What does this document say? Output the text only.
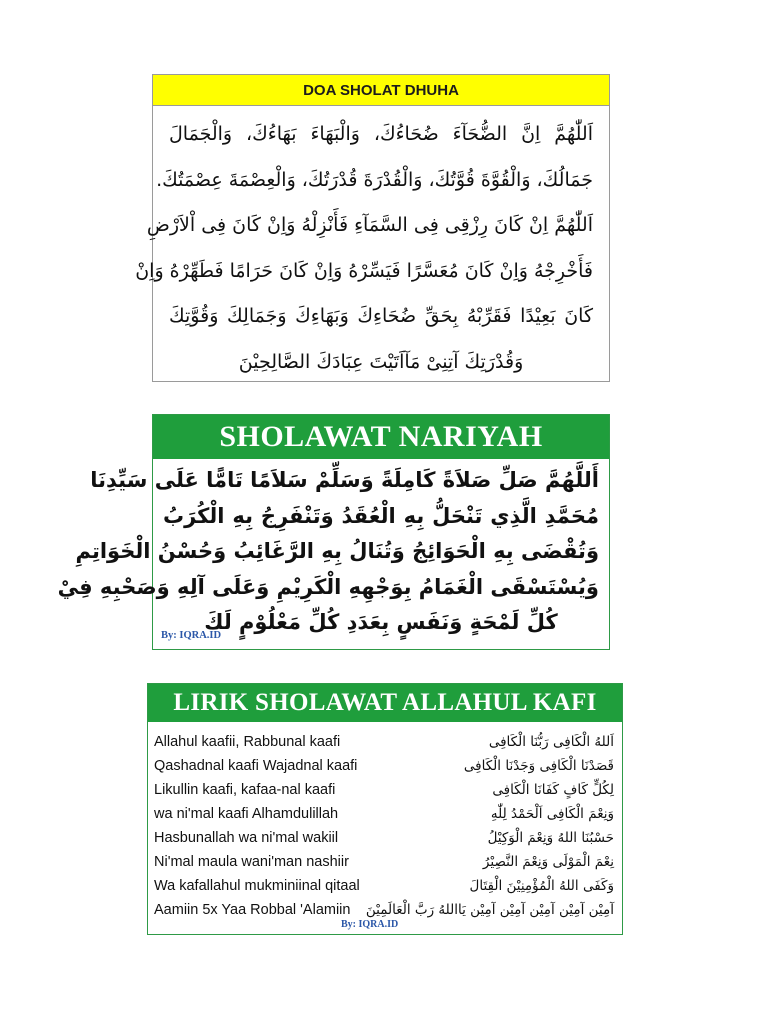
DOA SHOLAT DHUHA
اَللّٰهُمَّ اِنَّ الضُّحَآءَ ضُحَاءُكَ، وَالْبَهَاءَ بَهَاءُكَ، وَالْجَمَالَ
جَمَالُكَ، وَالْقُوَّةَ قُوَّتُكَ، وَالْقُدْرَةَ قُدْرَتُكَ، وَالْعِصْمَةَ عِصْمَتُكَ.
اَللّٰهُمَّ اِنْ كَانَ رِزْقِى فِى السَّمَآءِ فَأَنْزِلْهُ وَاِنْ كَانَ فِى اْلاَرْضِ
فَأَخْرِجْهُ وَاِنْ كَانَ مُعَسَّرًا فَيَسِّرْهُ وَاِنْ كَانَ حَرَامًا فَطَهِّرْهُ وَاِنْ
كَانَ بَعِيْدًا فَقَرِّبْهُ بِحَقِّ ضُحَاءِكَ وَبَهَاءِكَ وَجَمَالِكَ وَقُوَّتِكَ
وَقُدْرَتِكَ آتِنِىْ مَآاَتَيْتَ عِبَادَكَ الصَّالِحِيْنَ
SHOLAWAT NARIYAH
أَللَّهُمَّ صَلِّ صَلاَةً كَامِلَةً وَسَلِّمْ سَلاَمًا تَامًّا عَلَى سَيِّدِنَا
مُحَمَّدِ الَّذِي تَنْحَلُّ بِهِ الْعُقَدُ وَتَنْفَرِجُ بِهِ الْكُرَبُ
وَتُقْضَى بِهِ الْحَوَائِجُ وَتُنَالُ بِهِ الرَّغَائِبُ وَحُسْنُ الْخَوَاتِمِ
وَيُسْتَسْقَى الْغَمَامُ بِوَجْهِهِ الْكَرِيْمِ وَعَلَى آلِهِ وَصَحْبِهِ فِيْ
كُلِّ لَمْحَةٍ وَنَفَسٍ بِعَدَدِ كُلِّ مَعْلُوْمٍ لَكَ
By: IQRA.ID
LIRIK SHOLAWAT ALLAHUL KAFI
Allahul kaafii, Rabbunal kaafi	اَللهُ الْكَافِى رَبُّنَا الْكَافِى
Qashadnal kaafi Wajadnal kaafi	قَصَدْنَا الْكَافِى وَجَدْنَا الْكَافِى
Likullin kaafi, kafaa-nal kaafi	لِكُلٍّ كَافٍ كَفَانَا الْكَافِى
wa ni'mal kaafi Alhamdulillah	وَنِعْمَ الْكَافِى اَلْحَمْدُ لِلّٰهِ
Hasbunallah wa ni'mal wakiil	حَسْبُنَا اللهُ وَنِعْمَ الْوَكِيْلُ
Ni'mal maula wani'man nashiir	نِعْمَ الْمَوْلَى وَنِعْمَ النَّصِيْرُ
Wa kafallahul mukminiinal qitaal	وَكَفَى اللهُ الْمُؤْمِنِيْنَ الْقِتَالَ
Aamiin 5x Yaa Robbal 'Alamiin آمِيْن آمِيْن آمِيْن آمِيْن آمِيْن يَااللهُ رَبَّ الْعَالَمِيْنَ
By: IQRA.ID
